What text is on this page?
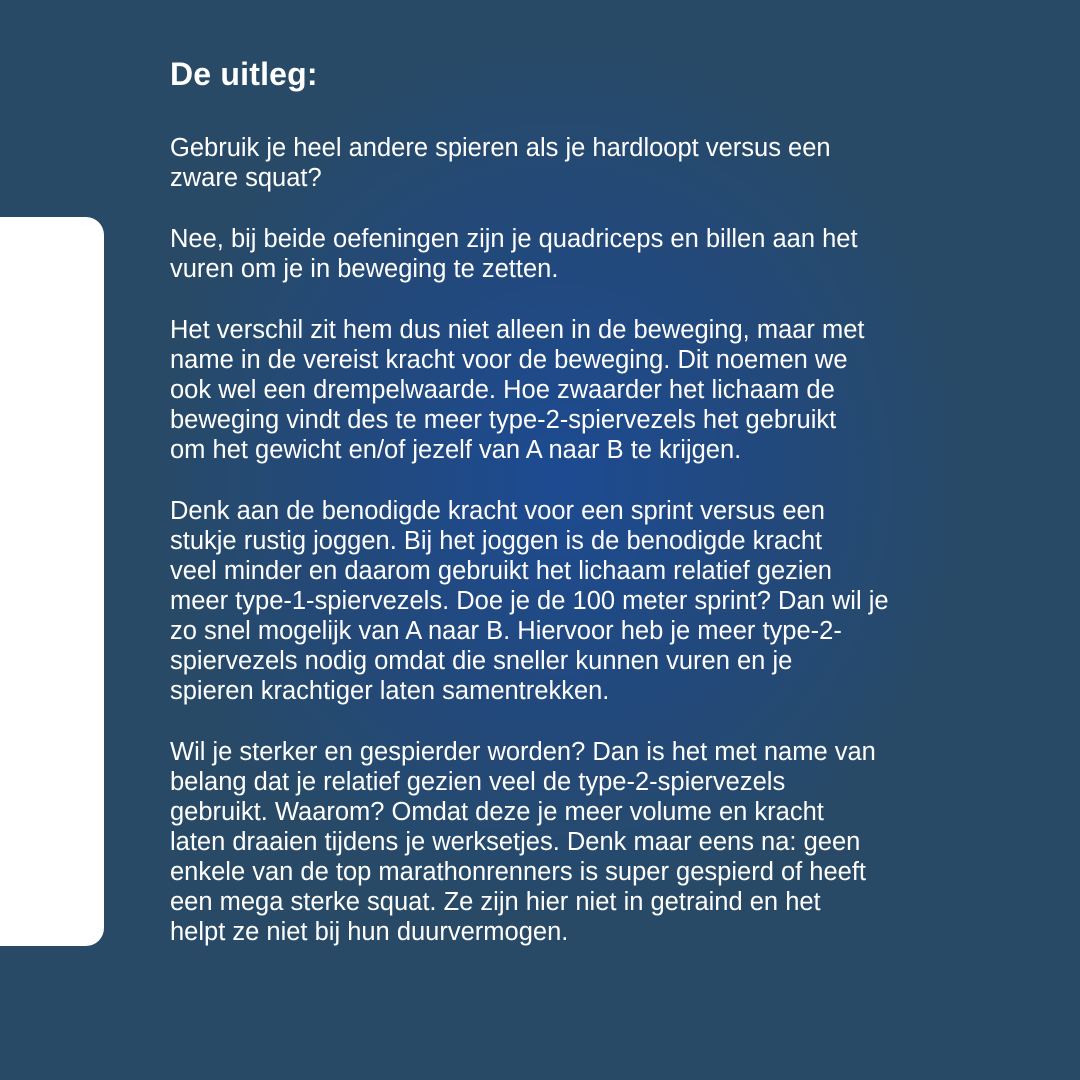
De uitleg:

Gebruik je heel andere spieren als je hardloopt versus een
zware squat?

Nee, bij beide oefeningen zijn je quadriceps en billen aan het
vuren om je in beweging te zetten.

Het verschil zit hem dus niet alleen in de beweging, maar met
name in de vereist kracht voor de beweging. Dit noemen we
ook wel een drempelwaarde. Hoe zwaarder het lichaam de
beweging vindt des te meer type-2-spiervezels het gebruikt
om het gewicht en/of jezelf van A naar B te krijgen.

Denk aan de benodigde kracht voor een sprint versus een
stukje rustig joggen. Bij het joggen is de benodigde kracht
veel minder en daarom gebruikt het lichaam relatief gezien
meer type-1-spiervezels. Doe je de 100 meter sprint? Dan wil je
zo snel mogelijk van A naar B. Hiervoor heb je meer type-2-
spiervezels nodig omdat die sneller kunnen vuren en je
spieren krachtiger laten samentrekken.

Wil je sterker en gespierder worden? Dan is het met name van
belang dat je relatief gezien veel de type-2-spiervezels
gebruikt. Waarom? Omdat deze je meer volume en kracht
laten draaien tijdens je werksetjes. Denk maar eens na: geen
enkele van de top marathonrenners is super gespierd of heeft
een mega sterke squat. Ze zijn hier niet in getraind en het
helpt ze niet bij hun duurvermogen.
